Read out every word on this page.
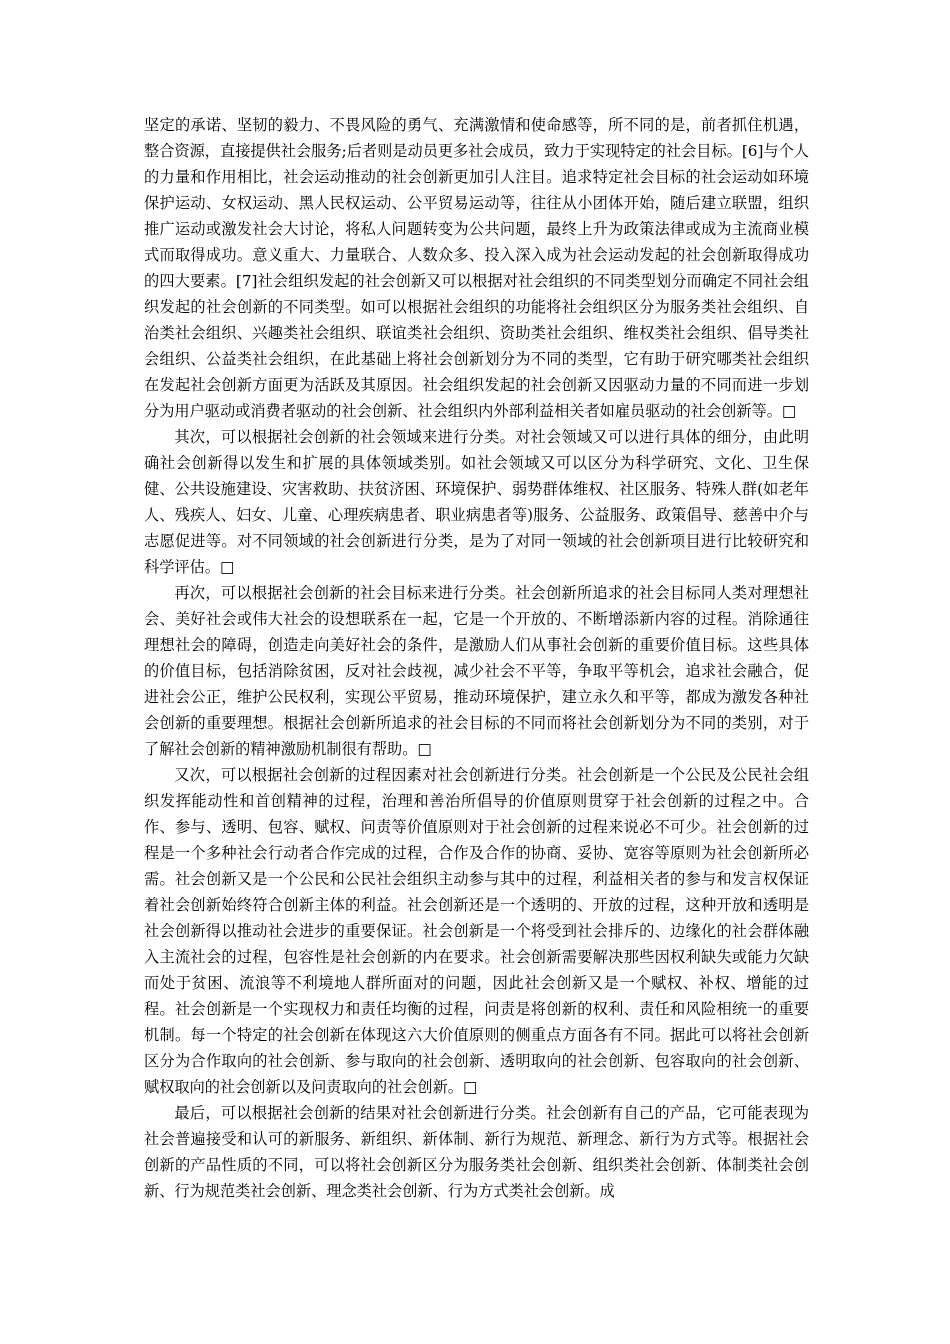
坚定的承诺、坚韧的毅力、不畏风险的勇气、充满激情和使命感等，所不同的是，前者抓住机遇，整合资源，直接提供社会服务;后者则是动员更多社会成员，致力于实现特定的社会目标。[6]与个人的力量和作用相比，社会运动推动的社会创新更加引人注目。追求特定社会目标的社会运动如环境保护运动、女权运动、黑人民权运动、公平贸易运动等，往往从小团体开始，随后建立联盟，组织推广运动或激发社会大讨论，将私人问题转变为公共问题，最终上升为政策法律或成为主流商业模式而取得成功。意义重大、力量联合、人数众多、投入深入成为社会运动发起的社会创新取得成功的四大要素。[7]社会组织发起的社会创新又可以根据对社会组织的不同类型划分而确定不同社会组织发起的社会创新的不同类型。如可以根据社会组织的功能将社会组织区分为服务类社会组织、自治类社会组织、兴趣类社会组织、联谊类社会组织、资助类社会组织、维权类社会组织、倡导类社会组织、公益类社会组织，在此基础上将社会创新划分为不同的类型，它有助于研究哪类社会组织在发起社会创新方面更为活跃及其原因。社会组织发起的社会创新又因驱动力量的不同而进一步划分为用户驱动或消费者驱动的社会创新、社会组织内外部利益相关者如雇员驱动的社会创新等。□

其次，可以根据社会创新的社会领域来进行分类。对社会领域又可以进行具体的细分，由此明确社会创新得以发生和扩展的具体领域类别。如社会领域又可以区分为科学研究、文化、卫生保健、公共设施建设、灾害救助、扶贫济困、环境保护、弱势群体维权、社区服务、特殊人群(如老年人、残疾人、妇女、儿童、心理疾病患者、职业病患者等)服务、公益服务、政策倡导、慈善中介与志愿促进等。对不同领域的社会创新进行分类，是为了对同一领域的社会创新项目进行比较研究和科学评估。□

再次，可以根据社会创新的社会目标来进行分类。社会创新所追求的社会目标同人类对理想社会、美好社会或伟大社会的设想联系在一起，它是一个开放的、不断增添新内容的过程。消除通往理想社会的障碍，创造走向美好社会的条件，是激励人们从事社会创新的重要价值目标。这些具体的价值目标，包括消除贫困，反对社会歧视，减少社会不平等，争取平等机会，追求社会融合，促进社会公正，维护公民权利，实现公平贸易，推动环境保护，建立永久和平等，都成为激发各种社会创新的重要理想。根据社会创新所追求的社会目标的不同而将社会创新划分为不同的类别，对于了解社会创新的精神激励机制很有帮助。□

又次，可以根据社会创新的过程因素对社会创新进行分类。社会创新是一个公民及公民社会组织发挥能动性和首创精神的过程，治理和善治所倡导的价值原则贯穿于社会创新的过程之中。合作、参与、透明、包容、赋权、问责等价值原则对于社会创新的过程来说必不可少。社会创新的过程是一个多种社会行动者合作完成的过程，合作及合作的协商、妥协、宽容等原则为社会创新所必需。社会创新又是一个公民和公民社会组织主动参与其中的过程，利益相关者的参与和发言权保证着社会创新始终符合创新主体的利益。社会创新还是一个透明的、开放的过程，这种开放和透明是社会创新得以推动社会进步的重要保证。社会创新是一个将受到社会排斥的、边缘化的社会群体融入主流社会的过程，包容性是社会创新的内在要求。社会创新需要解决那些因权利缺失或能力欠缺而处于贫困、流浪等不利境地人群所面对的问题，因此社会创新又是一个赋权、补权、增能的过程。社会创新是一个实现权力和责任均衡的过程，问责是将创新的权利、责任和风险相统一的重要机制。每一个特定的社会创新在体现这六大价值原则的侧重点方面各有不同。据此可以将社会创新区分为合作取向的社会创新、参与取向的社会创新、透明取向的社会创新、包容取向的社会创新、赋权取向的社会创新以及问责取向的社会创新。□

最后，可以根据社会创新的结果对社会创新进行分类。社会创新有自己的产品，它可能表现为社会普遍接受和认可的新服务、新组织、新体制、新行为规范、新理念、新行为方式等。根据社会创新的产品性质的不同，可以将社会创新区分为服务类社会创新、组织类社会创新、体制类社会创新、行为规范类社会创新、理念类社会创新、行为方式类社会创新。成
